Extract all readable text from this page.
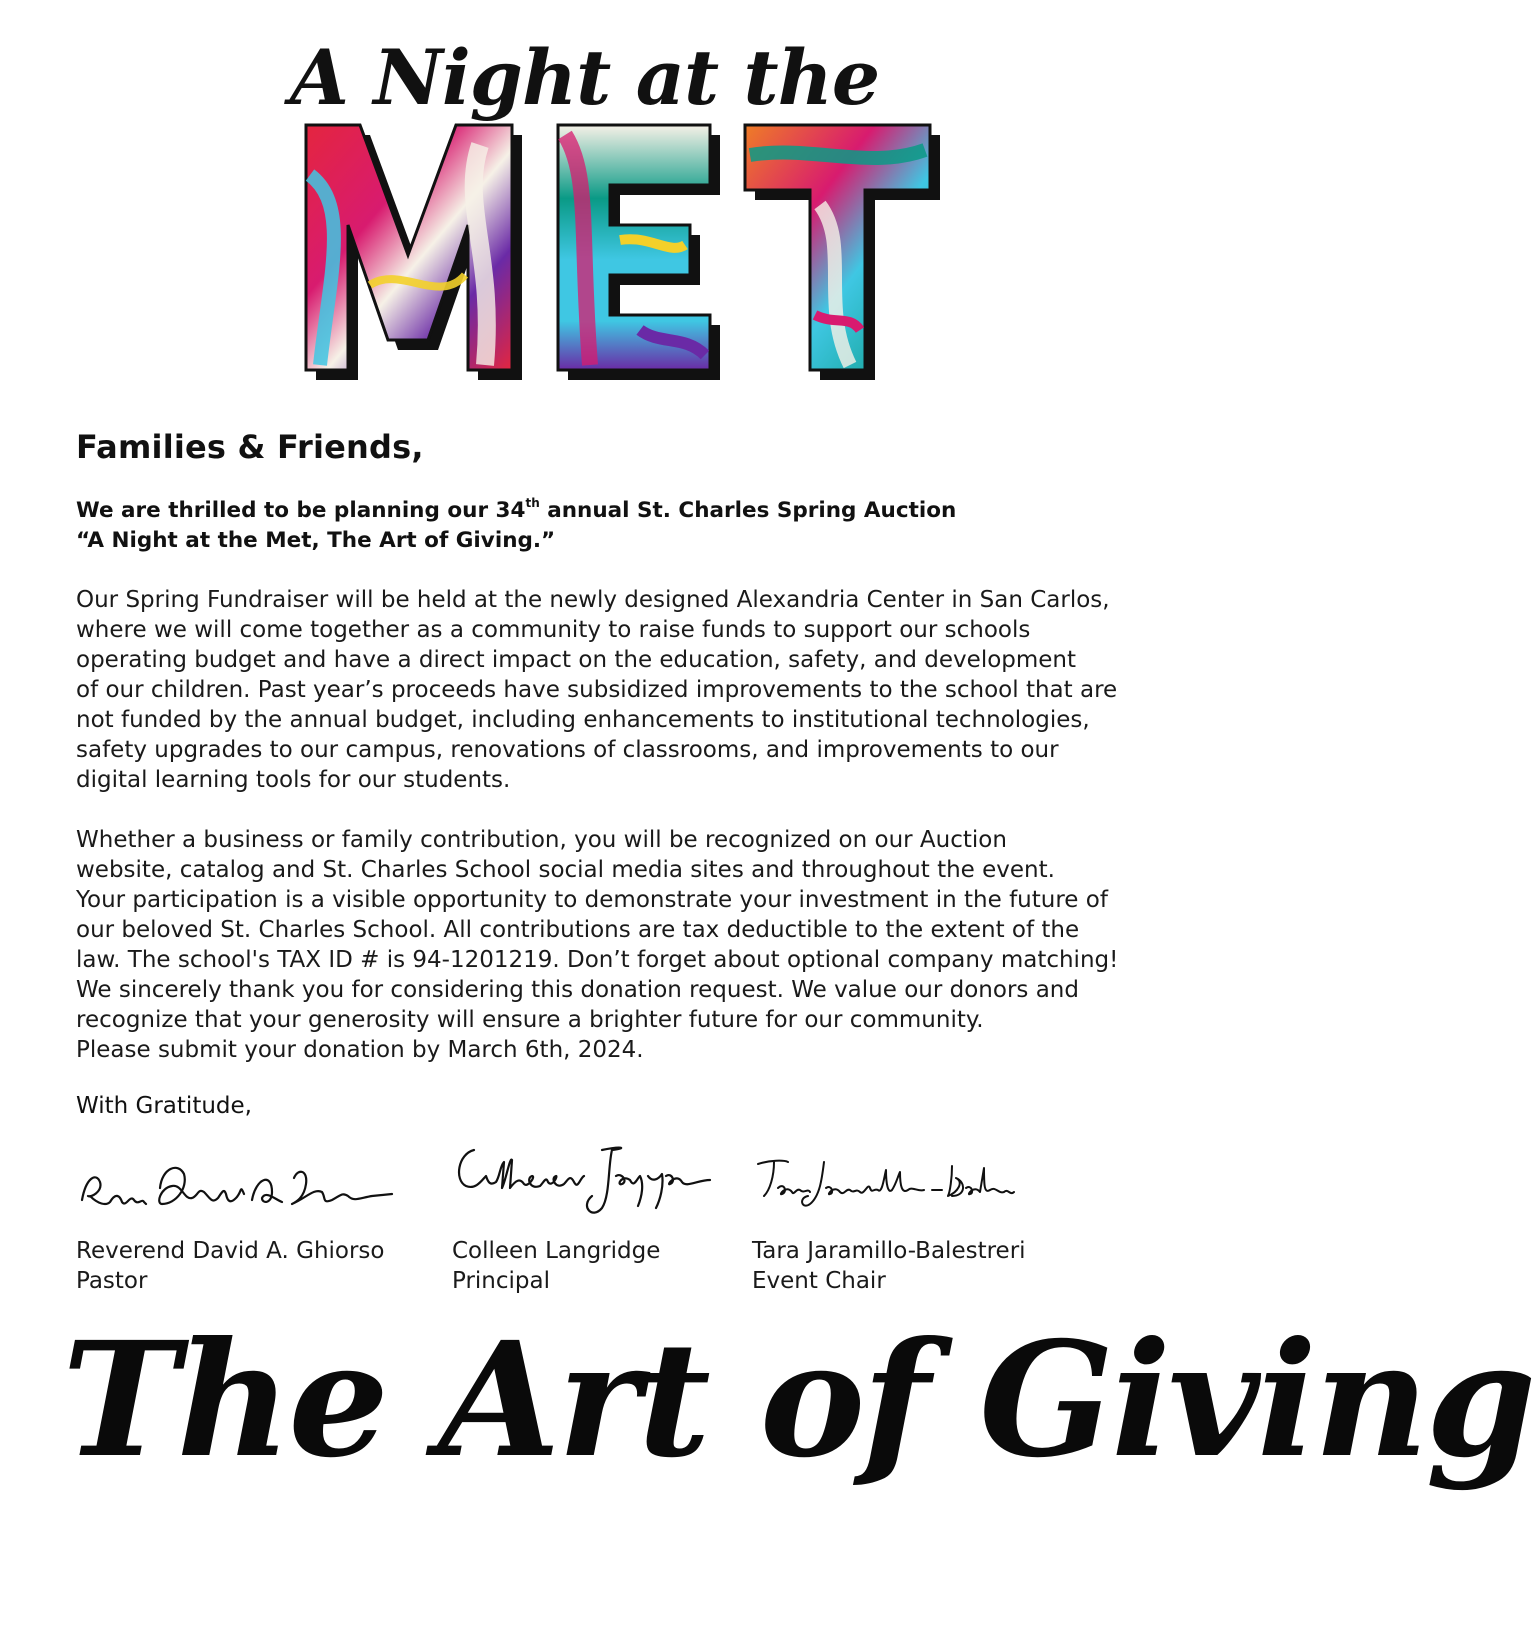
A Night at the
Families & Friends,
We are thrilled to be planning our 34th annual St. Charles Spring Auction
“A Night at the Met, The Art of Giving.”
Our Spring Fundraiser will be held at the newly designed Alexandria Center in San Carlos,
where we will come together as a community to raise funds to support our schools
operating budget and have a direct impact on the education, safety, and development
of our children. Past year’s proceeds have subsidized improvements to the school that are
not funded by the annual budget, including enhancements to institutional technologies,
safety upgrades to our campus, renovations of classrooms, and improvements to our
digital learning tools for our students.
Whether a business or family contribution, you will be recognized on our Auction
website, catalog and St. Charles School social media sites and throughout the event.
Your participation is a visible opportunity to demonstrate your investment in the future of
our beloved St. Charles School. All contributions are tax deductible to the extent of the
law. The school's TAX ID # is 94-1201219. Don’t forget about optional company matching!
We sincerely thank you for considering this donation request. We value our donors and
recognize that your generosity will ensure a brighter future for our community.
Please submit your donation by March 6th, 2024.
With Gratitude,
Reverend David A. Ghiorso
Pastor
Colleen Langridge
Principal
Tara Jaramillo-Balestreri
Event Chair
The Art of Giving
